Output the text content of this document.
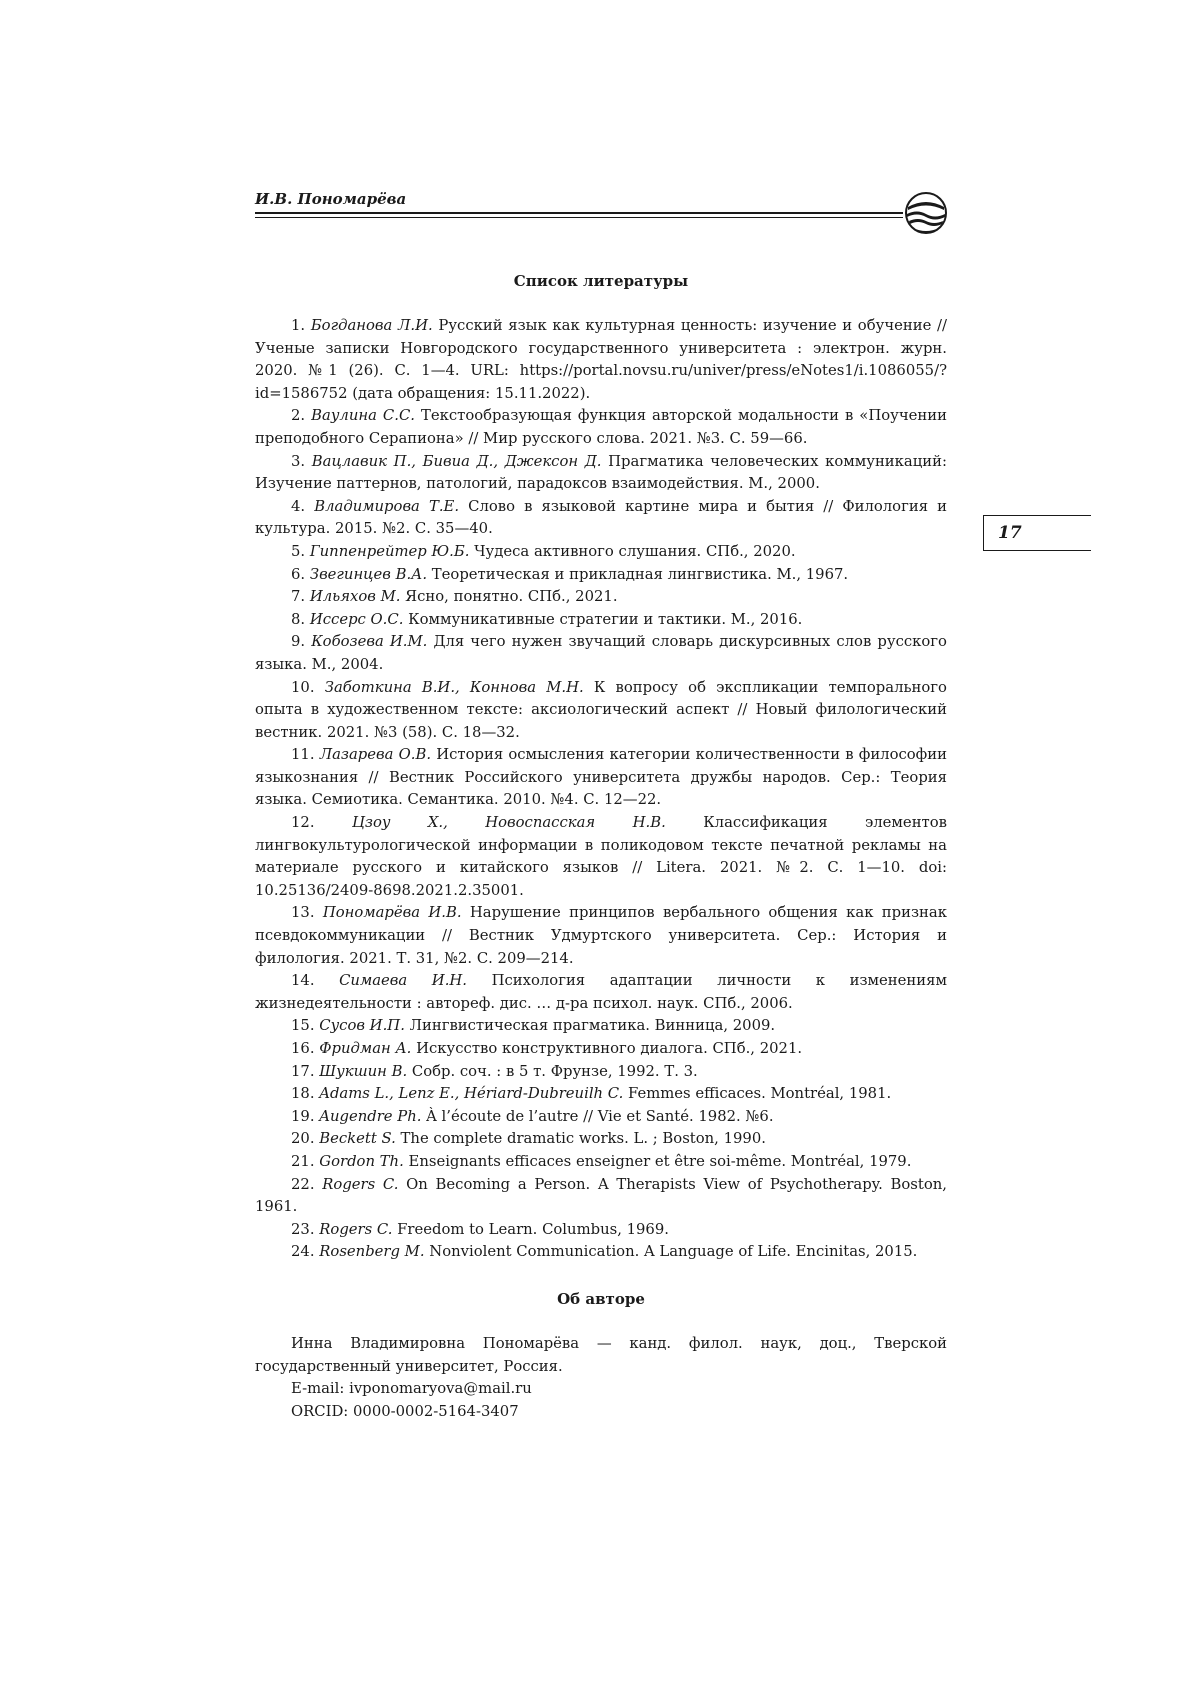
И.В. Пономарёва
17
Список литературы

1. Богданова Л.И. Русский язык как культурная ценность: изучение и обучение // Ученые записки Новгородского государственного университета : электрон. журн. 2020. №1 (26). С. 1—4. URL: https://portal.novsu.ru/univer/press/eNotes1/i.1086055/?id=1586752 (дата обращения: 15.11.2022).

2. Ваулина С.С. Текстообразующая функция авторской модальности в «Поучении преподобного Серапиона» // Мир русского слова. 2021. №3. С. 59—66.

3. Вацлавик П., Бивиа Д., Джексон Д. Прагматика человеческих коммуникаций: Изучение паттернов, патологий, парадоксов взаимодействия. М., 2000.

4. Владимирова Т.Е. Слово в языковой картине мира и бытия // Филология и культура. 2015. №2. С. 35—40.

5. Гиппенрейтер Ю.Б. Чудеса активного слушания. СПб., 2020.

6. Звегинцев В.А. Теоретическая и прикладная лингвистика. М., 1967.

7. Ильяхов М. Ясно, понятно. СПб., 2021.

8. Иссерс О.С. Коммуникативные стратегии и тактики. М., 2016.

9. Кобозева И.М. Для чего нужен звучащий словарь дискурсивных слов русского языка. М., 2004.

10. Заботкина В.И., Коннова М.Н. К вопросу об экспликации темпорального опыта в художественном тексте: аксиологический аспект // Новый филологический вестник. 2021. №3 (58). С. 18—32.

11. Лазарева О.В. История осмысления категории количественности в философии языкознания // Вестник Российского университета дружбы народов. Сер.: Теория языка. Семиотика. Семантика. 2010. №4. С. 12—22.

12.	Цзоу Х., Новоспасская Н.В.	Классификация элементов лингвокультурологической информации в поликодовом тексте печатной рекламы на материале русского и китайского языков // Litera. 2021. №2. С. 1—10. doi: 10.25136/2409-8698.2021.2.35001.

13. Пономарёва И.В. Нарушение принципов вербального общения как признак псевдокоммуникации // Вестник Удмуртского университета. Сер.: История и филология. 2021. Т. 31, №2. С. 209—214.

14. Симаева И.Н. Психология адаптации личности к изменениям жизнедеятельности : автореф. дис. … д-ра психол. наук. СПб., 2006.

15. Сусов И.П. Лингвистическая прагматика. Винница, 2009.

16. Фридман А. Искусство конструктивного диалога. СПб., 2021.

17. Шукшин В. Собр. соч. : в 5 т. Фрунзе, 1992. Т. 3.

18. Adams L., Lenz E., Hériard-Dubreuilh C. Femmes efficaces. Montréal, 1981.

19. Augendre Ph. À l’écoute de l’autre // Vie et Santé. 1982. №6.

20. Beckett S. The complete dramatic works. L. ; Boston, 1990.

21. Gordon Th. Enseignants efficaces enseigner et être soi-même. Montréal, 1979.

22. Rogers C. On Becoming a Person. A Therapists View of Psychotherapy. Boston, 1961.

23. Rogers C. Freedom to Learn. Columbus, 1969.

24. Rosenberg M. Nonviolent Communication. A Language of Life. Encinitas, 2015.

Об авторе

Инна Владимировна Пономарёва — канд. филол. наук, доц., Тверской государственный университет, Россия.

E-mail: ivponomaryova@mail.ru

ORCID: 0000-0002-5164-3407
